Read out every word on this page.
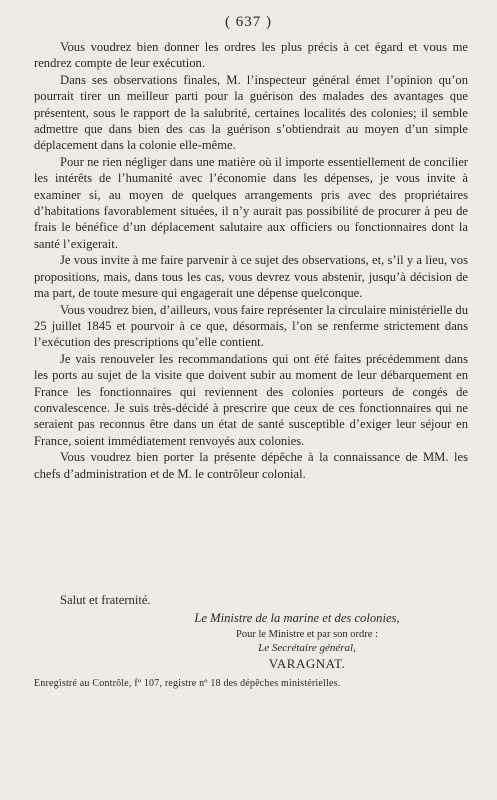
( 637 )

Vous voudrez bien donner les ordres les plus précis à cet égard et vous me rendrez compte de leur exécution.

Dans ses observations finales, M. l’inspecteur général émet l’opinion qu’on pourrait tirer un meilleur parti pour la guérison des malades des avantages que présentent, sous le rapport de la salubrité, certaines localités des colonies; il semble admettre que dans bien des cas la guérison s’obtiendrait au moyen d’un simple déplacement dans la colonie elle-même.

Pour ne rien négliger dans une matière où il importe essentiellement de concilier les intérêts de l’humanité avec l’économie dans les dépenses, je vous invite à examiner si, au moyen de quelques arrangements pris avec des propriétaires d’habitations favorablement situées, il n’y aurait pas possibilité de procurer à peu de frais le bénéfice d’un déplacement salutaire aux officiers ou fonctionnaires dont la santé l’exigerait.

Je vous invite à me faire parvenir à ce sujet des observations, et, s’il y a lieu, vos propositions, mais, dans tous les cas, vous devrez vous abstenir, jusqu’à décision de ma part, de toute mesure qui engagerait une dépense quelconque.

Vous voudrez bien, d’ailleurs, vous faire représenter la circulaire ministérielle du 25 juillet 1845 et pourvoir à ce que, désormais, l’on se renferme strictement dans l’exécution des prescriptions qu’elle contient.

Je vais renouveler les recommandations qui ont été faites précédemment dans les ports au sujet de la visite que doivent subir au moment de leur débarquement en France les fonctionnaires qui reviennent des colonies porteurs de congés de convalescence. Je suis très-décidé à prescrire que ceux de ces fonctionnaires qui ne seraient pas reconnus être dans un état de santé susceptible d’exiger leur séjour en France, soient immédiatement renvoyés aux colonies.

Vous voudrez bien porter la présente dépêche à la connaissance de MM. les chefs d’administration et de M. le contrôleur colonial.

Salut et fraternité.
Le Ministre de la marine et des colonies,
Pour le Ministre et par son ordre :
Le Secrétaire général,
VARAGNAT.
Enregistré au Contrôle, fº 107, registre nº 18 des dépêches ministérielles.
